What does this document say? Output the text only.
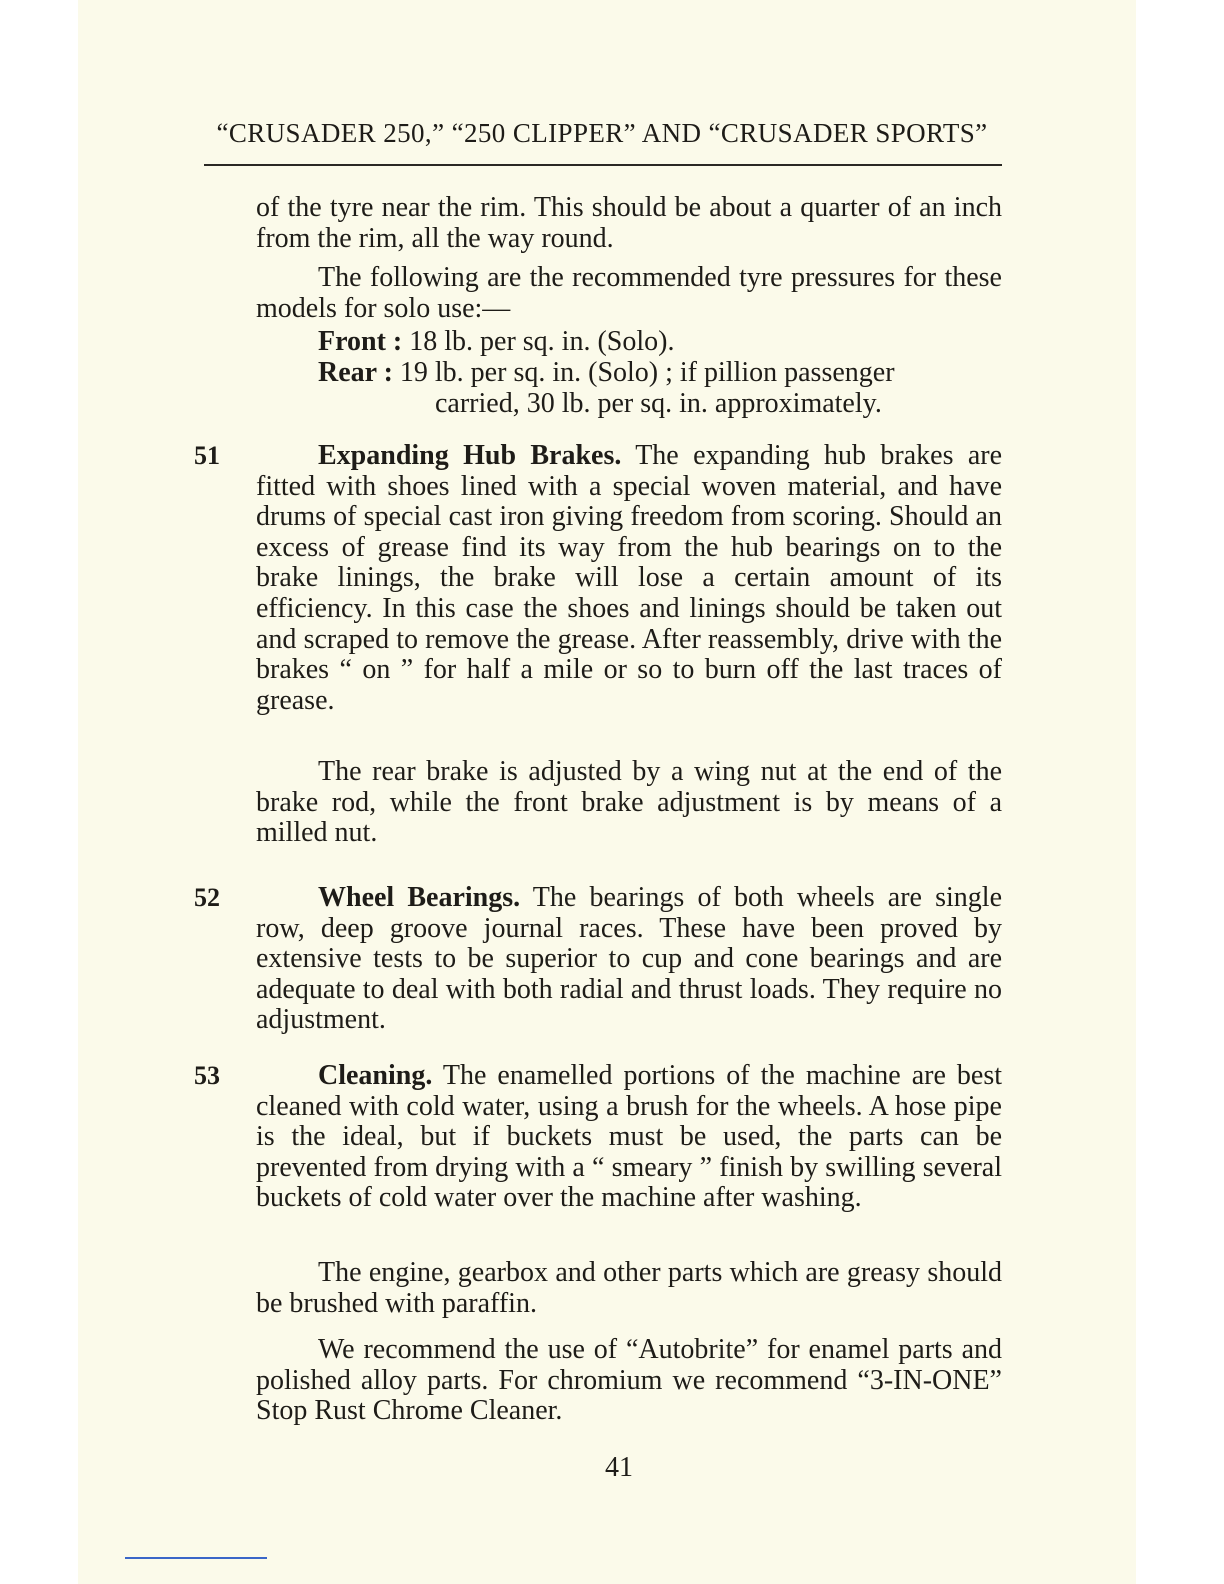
“CRUSADER 250,” “250 CLIPPER” AND “CRUSADER SPORTS”
of the tyre near the rim. This should be about a quarter of an inch from the rim, all the way round.
The following are the recommended tyre pressures for these models for solo use:—
Front : 18 lb. per sq. in. (Solo).
Rear : 19 lb. per sq. in. (Solo) ; if pillion passenger
carried, 30 lb. per sq. in. approximately.
51	Expanding Hub Brakes. The expanding hub brakes are fitted with shoes lined with a special woven material, and have drums of special cast iron giving freedom from scoring. Should an excess of grease find its way from the hub bearings on to the brake linings, the brake will lose a certain amount of its efficiency. In this case the shoes and linings should be taken out and scraped to remove the grease. After reassembly, drive with the brakes “ on ” for half a mile or so to burn off the last traces of grease.
The rear brake is adjusted by a wing nut at the end of the brake rod, while the front brake adjustment is by means of a milled nut.
52	Wheel Bearings. The bearings of both wheels are single row, deep groove journal races. These have been proved by extensive tests to be superior to cup and cone bearings and are adequate to deal with both radial and thrust loads. They require no adjustment.
53	Cleaning. The enamelled portions of the machine are best cleaned with cold water, using a brush for the wheels. A hose pipe is the ideal, but if buckets must be used, the parts can be prevented from drying with a “ smeary ” finish by swilling several buckets of cold water over the machine after washing.
The engine, gearbox and other parts which are greasy should be brushed with paraffin.
We recommend the use of “Autobrite” for enamel parts and polished alloy parts. For chromium we recommend “3-IN-ONE” Stop Rust Chrome Cleaner.
41
